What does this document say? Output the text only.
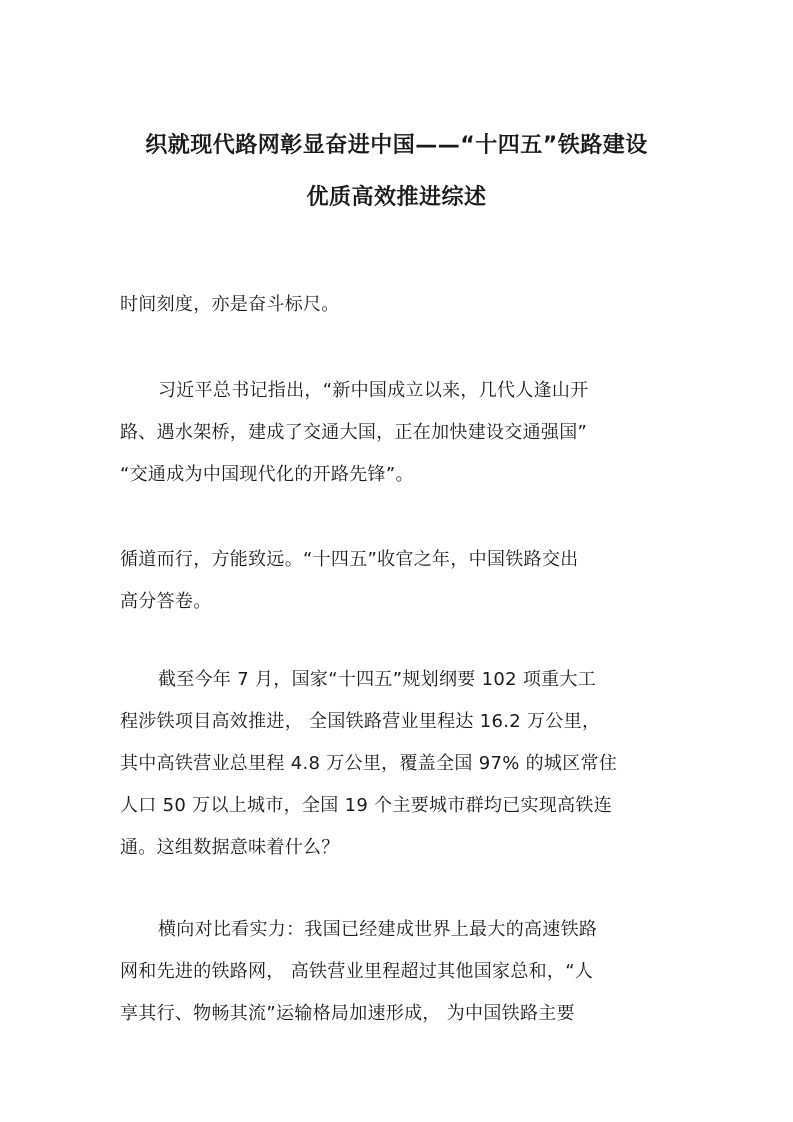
织就现代路网彰显奋进中国——“十四五”铁路建设
优质高效推进综述
时间刻度，亦是奋斗标尺。
习近平总书记指出，“新中国成立以来，几代人逢山开
路、遇水架桥，建成了交通大国，正在加快建设交通强国”
“交通成为中国现代化的开路先锋”。
循道而行，方能致远。“十四五”收官之年，中国铁路交出
高分答卷。
截至今年 7 月，国家“十四五”规划纲要 102 项重大工
程涉铁项目高效推进， 全国铁路营业里程达 16.2 万公里，
其中高铁营业总里程 4.8 万公里，覆盖全国 97% 的城区常住
人口 50 万以上城市，全国 19 个主要城市群均已实现高铁连
通。这组数据意味着什么？
横向对比看实力：我国已经建成世界上最大的高速铁路
网和先进的铁路网， 高铁营业里程超过其他国家总和，“人
享其行、物畅其流”运输格局加速形成， 为中国铁路主要
